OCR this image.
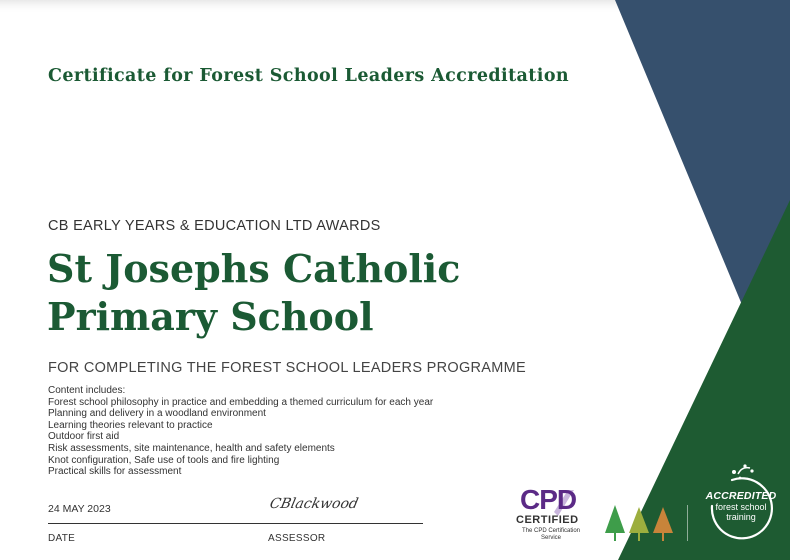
Certificate for Forest School Leaders Accreditation
CB EARLY YEARS & EDUCATION LTD AWARDS
St Josephs Catholic
Primary School
FOR COMPLETING THE FOREST SCHOOL LEADERS PROGRAMME
Content includes:
Forest school philosophy in practice and embedding a themed curriculum for each year
Planning and delivery in a woodland environment
Learning theories relevant to practice
Outdoor first aid
Risk assessments, site maintenance, health and safety elements
Knot configuration, Safe use of tools and fire lighting
Practical skills for assessment
24 MAY 2023	CBlackwood
DATE	ASSESSOR
CPD
CERTIFIED
The CPD Certification Service
ACCREDITED
forest school
training
